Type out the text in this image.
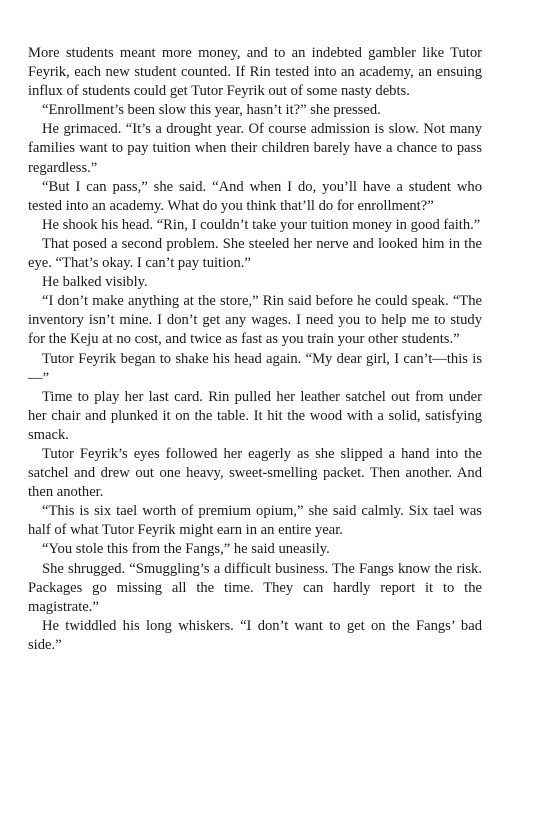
More students meant more money, and to an indebted gambler like Tutor Feyrik, each new student counted. If Rin tested into an academy, an ensuing influx of students could get Tutor Feyrik out of some nasty debts.

“Enrollment’s been slow this year, hasn’t it?” she pressed.

He grimaced. “It’s a drought year. Of course admission is slow. Not many families want to pay tuition when their children barely have a chance to pass regardless.”

“But I can pass,” she said. “And when I do, you’ll have a student who tested into an academy. What do you think that’ll do for enrollment?”

He shook his head. “Rin, I couldn’t take your tuition money in good faith.”

That posed a second problem. She steeled her nerve and looked him in the eye. “That’s okay. I can’t pay tuition.”

He balked visibly.

“I don’t make anything at the store,” Rin said before he could speak. “The inventory isn’t mine. I don’t get any wages. I need you to help me to study for the Keju at no cost, and twice as fast as you train your other students.”

Tutor Feyrik began to shake his head again. “My dear girl, I can’t—this is—”

Time to play her last card. Rin pulled her leather satchel out from under her chair and plunked it on the table. It hit the wood with a solid, satisfying smack.

Tutor Feyrik’s eyes followed her eagerly as she slipped a hand into the satchel and drew out one heavy, sweet-smelling packet. Then another. And then another.

“This is six tael worth of premium opium,” she said calmly. Six tael was half of what Tutor Feyrik might earn in an entire year.

“You stole this from the Fangs,” he said uneasily.

She shrugged. “Smuggling’s a difficult business. The Fangs know the risk. Packages go missing all the time. They can hardly report it to the magistrate.”

He twiddled his long whiskers. “I don’t want to get on the Fangs’ bad side.”
